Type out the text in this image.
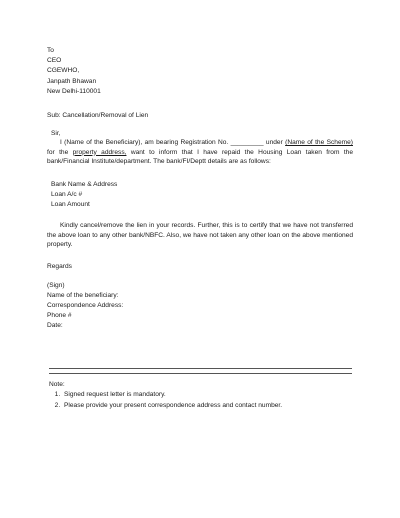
To
CEO
CGEWHO,
Janpath Bhawan
New Delhi-110001
Sub: Cancellation/Removal of Lien
Sir,
I (Name of the Beneficiary), am bearing Registration No. _________ under (Name of the Scheme) for the property address, want to inform that I have repaid the Housing Loan taken from the bank/Financial Institute/department. The bank/FI/Deptt details are as follows:
Bank Name & Address
Loan A/c #
Loan Amount
Kindly cancel/remove the lien in your records. Further, this is to certify that we have not transferred the above loan to any other bank/NBFC. Also, we have not taken any other loan on the above mentioned property.
Regards
(Sign)
Name of the beneficiary:
Correspondence Address:
Phone #
Date:
Note:
1. Signed request letter is mandatory.
2. Please provide your present correspondence address and contact number.
